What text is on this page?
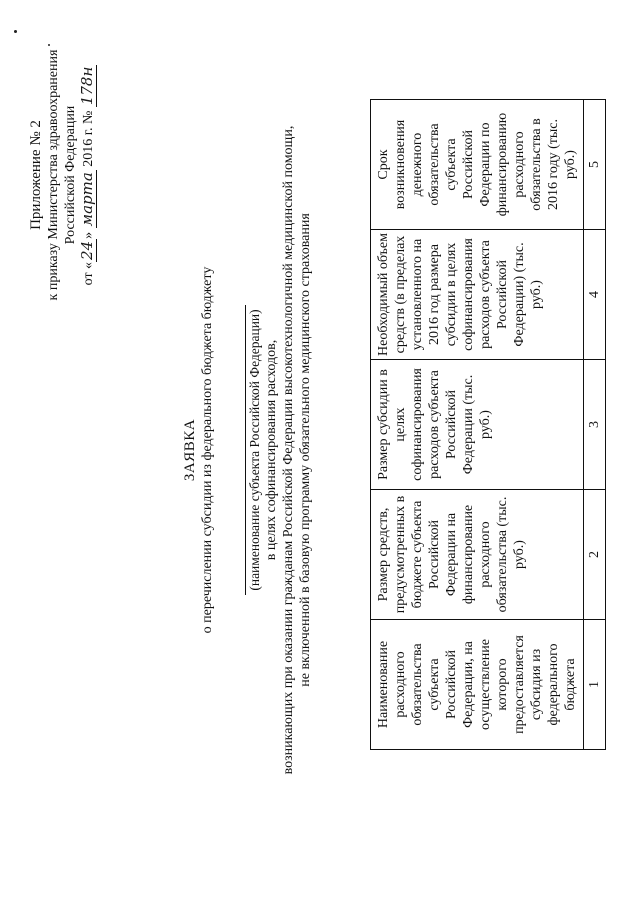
Приложение № 2 к приказу Министерства здравоохранения Российской Федерации
от «24» марта 2016 г. № 178н
ЗАЯВКА о перечислении субсидии из федерального бюджета бюджету (наименование субъекта Российской Федерации) в целях софинансирования расходов, возникающих при оказании гражданам Российской Федерации высокотехнологичной медицинской помощи, не включенной в базовую программу обязательного медицинского страхования	Наименование расходного обязательства субъекта Российской Федерации, на осуществление которого предоставляется субсидия из федерального бюджета	Размер средств, предусмотренных в бюджете субъекта Российской Федерации на финансирование расходного обязательства (тыс. руб.)	Размер субсидии в целях софинансирования расходов субъекта Российской Федерации (тыс. руб.)	Необходимый объем средств (в пределах установленного на 2016 год размера субсидии в целях софинансирования расходов субъекта Российской Федерации) (тыс. руб.)	Срок возникновения денежного обязательства субъекта Российской Федерации по финансированию расходного обязательства в 2016 году (тыс. руб.)
1	2	3	4	5
